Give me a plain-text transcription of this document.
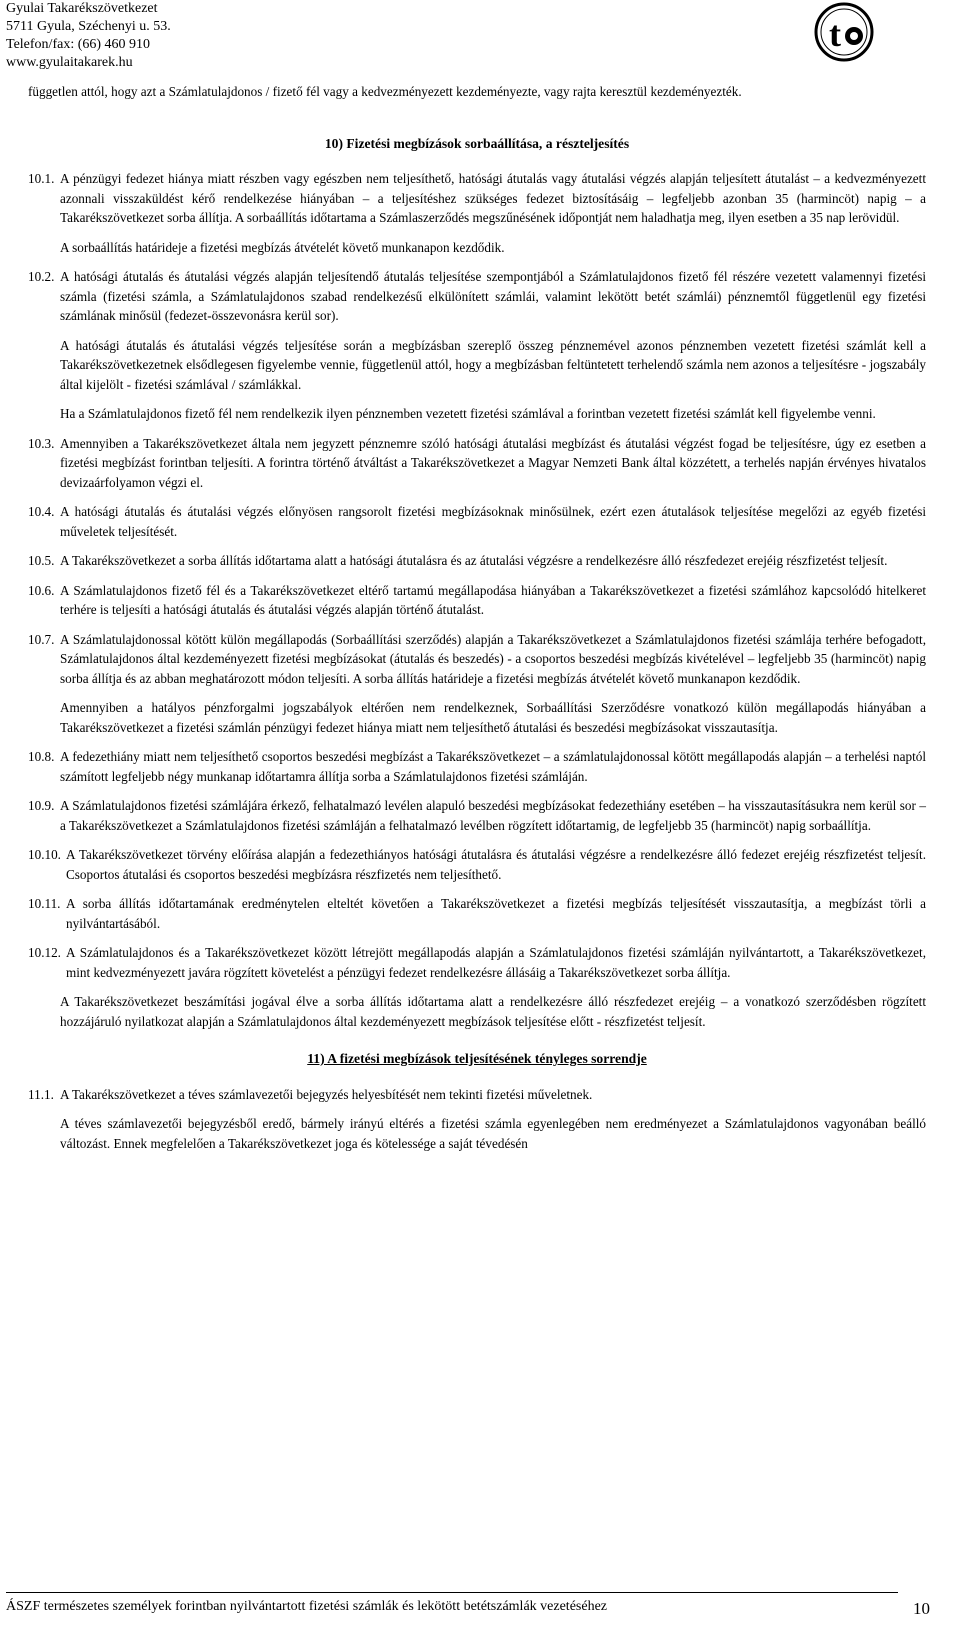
Gyulai Takarékszövetkezet
5711 Gyula, Széchenyi u. 53.
Telefon/fax: (66) 460 910
www.gyulaitakarek.hu
t

független attól, hogy azt a Számlatulajdonos / fizető fél vagy a kedvezményezett kezdeményezte, vagy rajta keresztül kezdeményezték.

10) Fizetési megbízások sorbaállítása, a részteljesítés
10.1. A pénzügyi fedezet hiánya miatt részben vagy egészben nem teljesíthető, hatósági átutalás vagy átutalási végzés alapján teljesített átutalást – a kedvezményezett azonnali visszaküldést kérő rendelkezése hiányában – a teljesítéshez szükséges fedezet biztosításáig – legfeljebb azonban 35 (harmincöt) napig – a Takarékszövetkezet sorba állítja. A sorbaállítás időtartama a Számlaszerződés megszűnésének időpontját nem haladhatja meg, ilyen esetben a 35 nap lerövidül.

A sorbaállítás határideje a fizetési megbízás átvételét követő munkanapon kezdődik.

10.2. A hatósági átutalás és átutalási végzés alapján teljesítendő átutalás teljesítése szempontjából a Számlatulajdonos fizető fél részére vezetett valamennyi fizetési számla (fizetési számla, a Számlatulajdonos szabad rendelkezésű elkülönített számlái, valamint lekötött betét számlái) pénznemtől függetlenül egy fizetési számlának minősül (fedezet-összevonásra kerül sor).

A hatósági átutalás és átutalási végzés teljesítése során a megbízásban szereplő összeg pénznemével azonos pénznemben vezetett fizetési számlát kell a Takarékszövetkezetnek elsődlegesen figyelembe vennie, függetlenül attól, hogy a megbízásban feltüntetett terhelendő számla nem azonos a teljesítésre - jogszabály által kijelölt - fizetési számlával / számlákkal.

Ha a Számlatulajdonos fizető fél nem rendelkezik ilyen pénznemben vezetett fizetési számlával a forintban vezetett fizetési számlát kell figyelembe venni.

10.3. Amennyiben a Takarékszövetkezet általa nem jegyzett pénznemre szóló hatósági átutalási megbízást és átutalási végzést fogad be teljesítésre, úgy ez esetben a fizetési megbízást forintban teljesíti. A forintra történő átváltást a Takarékszövetkezet a Magyar Nemzeti Bank által közzétett, a terhelés napján érvényes hivatalos devizaárfolyamon végzi el.
10.4. A hatósági átutalás és átutalási végzés előnyösen rangsorolt fizetési megbízásoknak minősülnek, ezért ezen átutalások teljesítése megelőzi az egyéb fizetési műveletek teljesítését.
10.5. A Takarékszövetkezet a sorba állítás időtartama alatt a hatósági átutalásra és az átutalási végzésre a rendelkezésre álló részfedezet erejéig részfizetést teljesít.
10.6. A Számlatulajdonos fizető fél és a Takarékszövetkezet eltérő tartamú megállapodása hiányában a Takarékszövetkezet a fizetési számlához kapcsolódó hitelkeret terhére is teljesíti a hatósági átutalás és átutalási végzés alapján történő átutalást.
10.7. A Számlatulajdonossal kötött külön megállapodás (Sorbaállítási szerződés) alapján a Takarékszövetkezet a Számlatulajdonos fizetési számlája terhére befogadott, Számlatulajdonos által kezdeményezett fizetési megbízásokat (átutalás és beszedés) - a csoportos beszedési megbízás kivételével – legfeljebb 35 (harmincöt) napig sorba állítja és az abban meghatározott módon teljesíti. A sorba állítás határideje a fizetési megbízás átvételét követő munkanapon kezdődik.

Amennyiben a hatályos pénzforgalmi jogszabályok eltérően nem rendelkeznek, Sorbaállítási Szerződésre vonatkozó külön megállapodás hiányában a Takarékszövetkezet a fizetési számlán pénzügyi fedezet hiánya miatt nem teljesíthető átutalási és beszedési megbízásokat visszautasítja.

10.8. A fedezethiány miatt nem teljesíthető csoportos beszedési megbízást a Takarékszövetkezet – a számlatulajdonossal kötött megállapodás alapján – a terhelési naptól számított legfeljebb négy munkanap időtartamra állítja sorba a Számlatulajdonos fizetési számláján.
10.9. A Számlatulajdonos fizetési számlájára érkező, felhatalmazó levélen alapuló beszedési megbízásokat fedezethiány esetében – ha visszautasításukra nem kerül sor – a Takarékszövetkezet a Számlatulajdonos fizetési számláján a felhatalmazó levélben rögzített időtartamig, de legfeljebb 35 (harmincöt) napig sorbaállítja.
10.10. A Takarékszövetkezet törvény előírása alapján a fedezethiányos hatósági átutalásra és átutalási végzésre a rendelkezésre álló fedezet erejéig részfizetést teljesít. Csoportos átutalási és csoportos beszedési megbízásra részfizetés nem teljesíthető.
10.11. A sorba állítás időtartamának eredménytelen elteltét követően a Takarékszövetkezet a fizetési megbízás teljesítését visszautasítja, a megbízást törli a nyilvántartásából.
10.12. A Számlatulajdonos és a Takarékszövetkezet között létrejött megállapodás alapján a Számlatulajdonos fizetési számláján nyilvántartott, a Takarékszövetkezet, mint kedvezményezett javára rögzített követelést a pénzügyi fedezet rendelkezésre állásáig a Takarékszövetkezet sorba állítja.

A Takarékszövetkezet beszámítási jogával élve a sorba állítás időtartama alatt a rendelkezésre álló részfedezet erejéig – a vonatkozó szerződésben rögzített hozzájáruló nyilatkozat alapján a Számlatulajdonos által kezdeményezett megbízások teljesítése előtt - részfizetést teljesít.

11) A fizetési megbízások teljesítésének tényleges sorrendje
11.1. A Takarékszövetkezet a téves számlavezetői bejegyzés helyesbítését nem tekinti fizetési műveletnek.

A téves számlavezetői bejegyzésből eredő, bármely irányú eltérés a fizetési számla egyenlegében nem eredményezet a Számlatulajdonos vagyonában beálló változást. Ennek megfelelően a Takarékszövetkezet joga és kötelessége a saját tévedésén

ÁSZF természetes személyek forintban nyilvántartott fizetési számlák és lekötött betétszámlák vezetéséhez	10
